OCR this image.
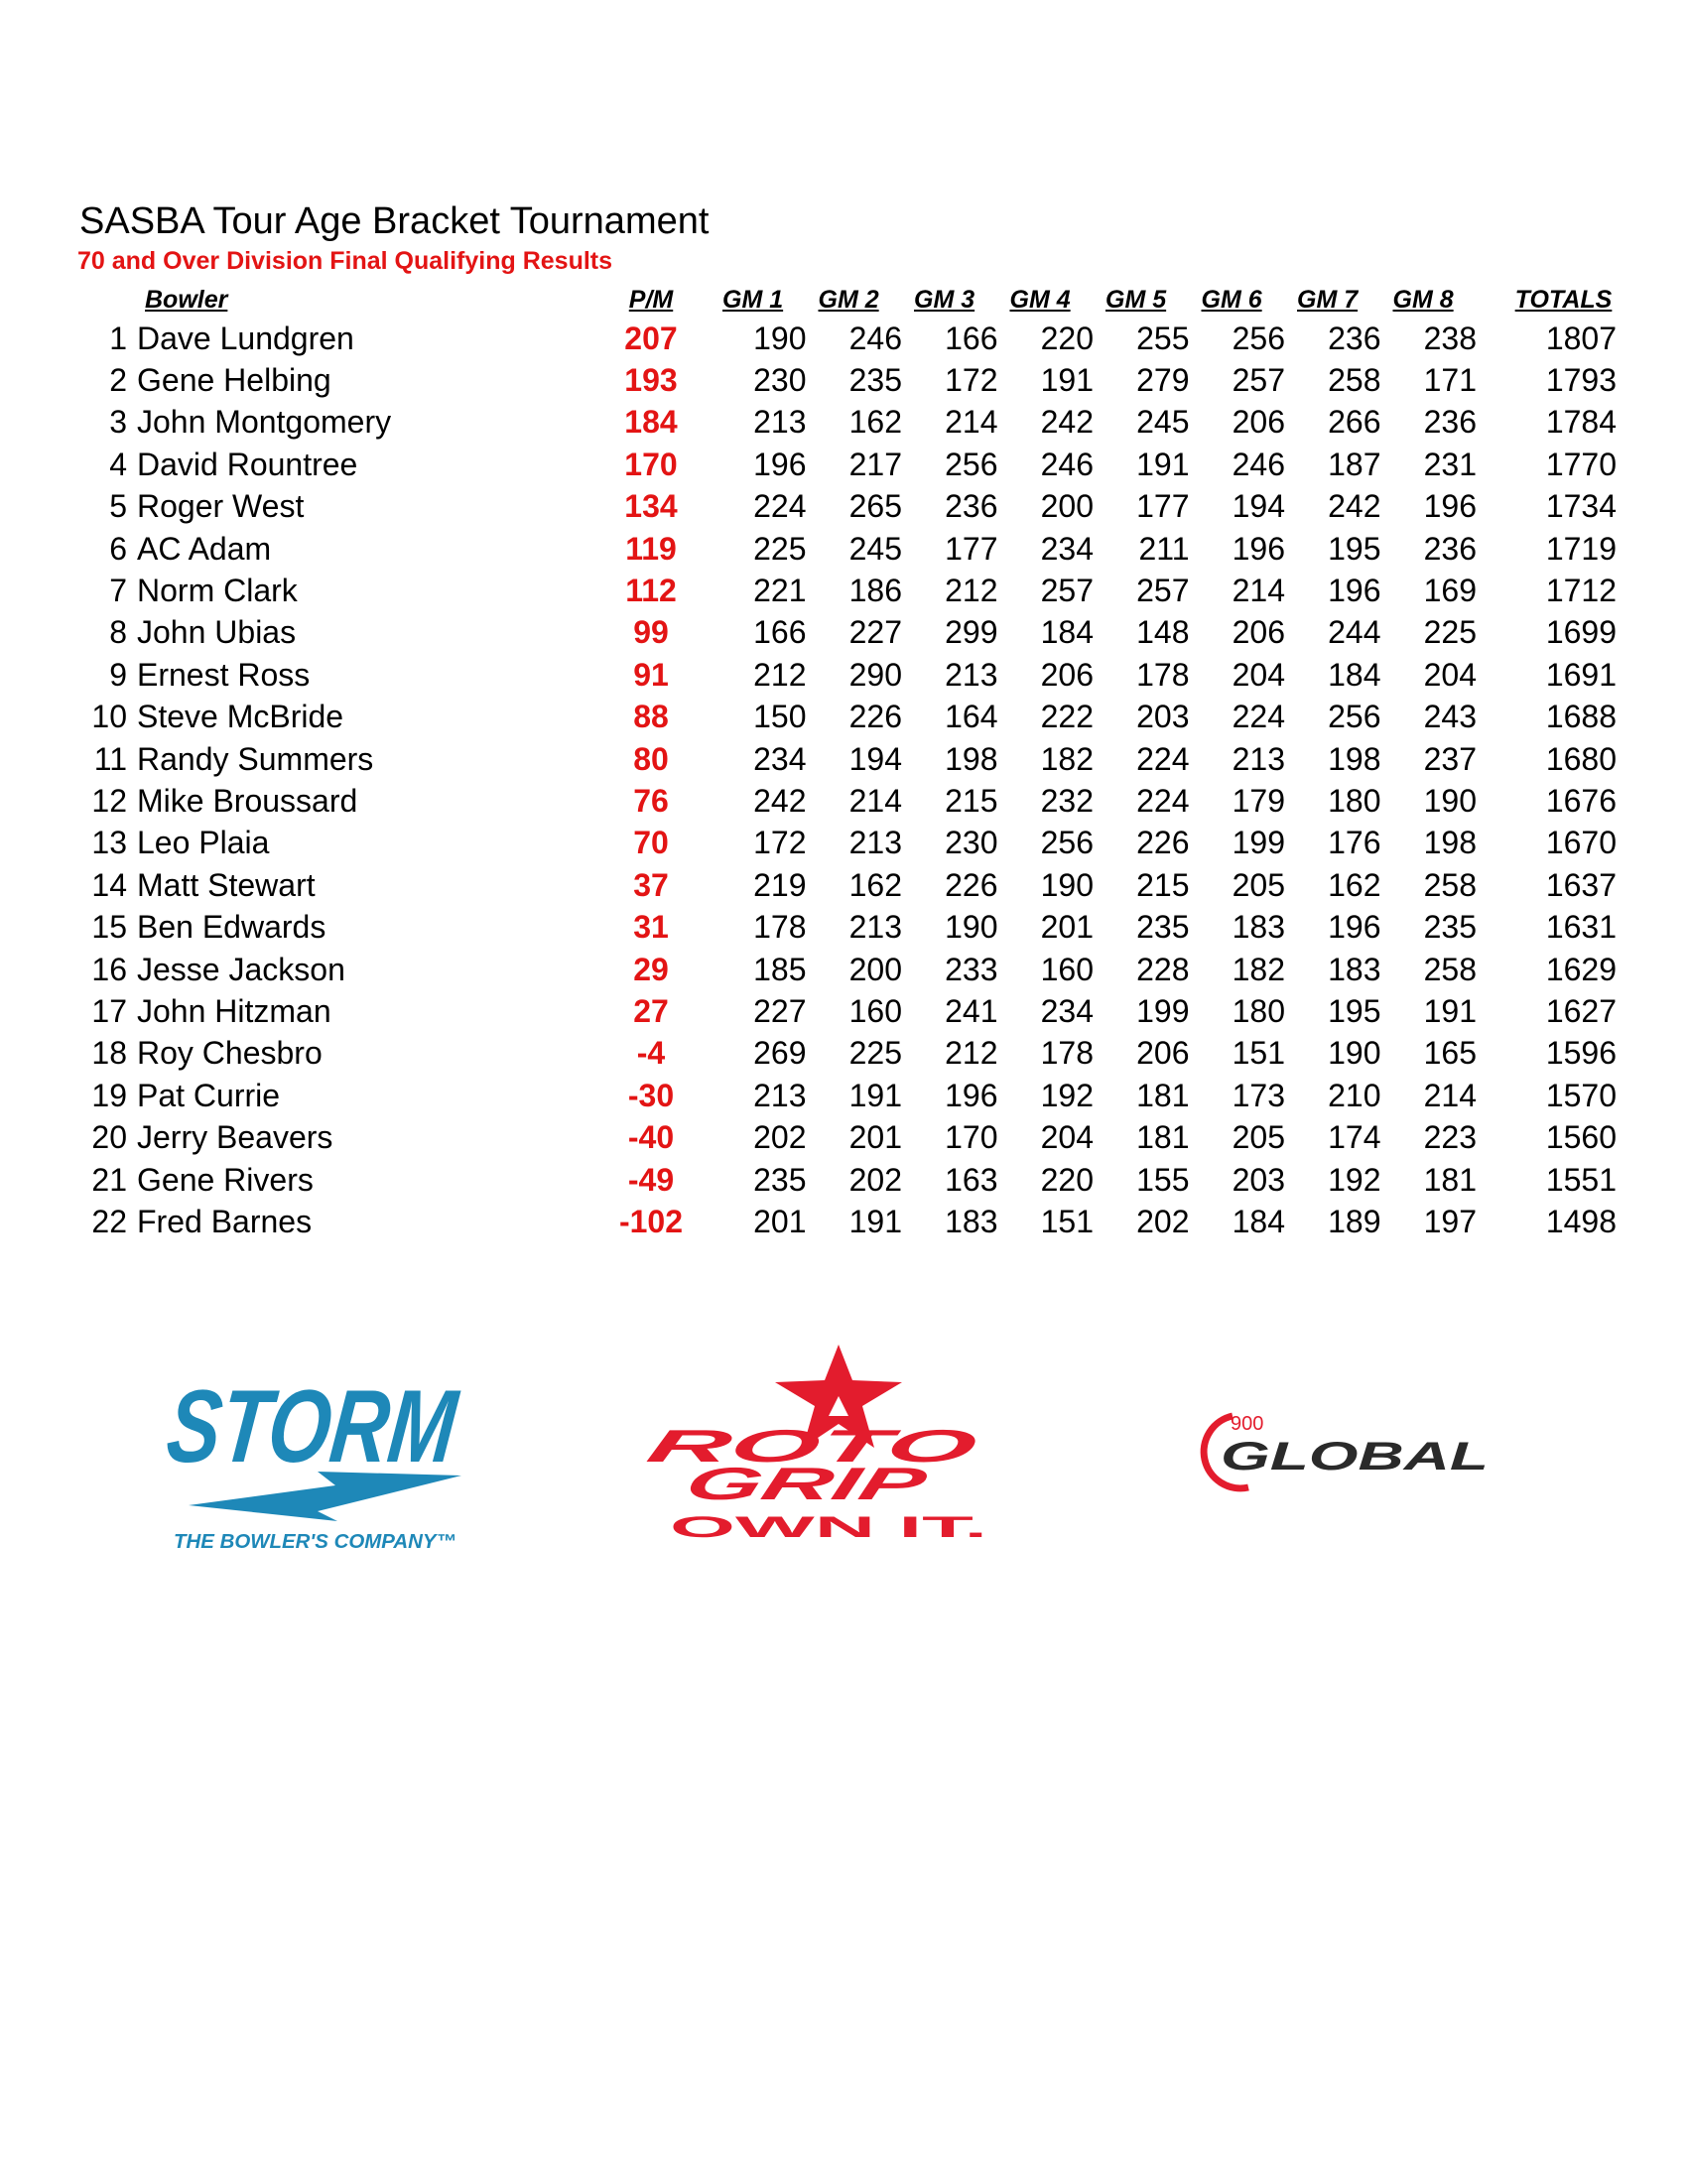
SASBA Tour Age Bracket Tournament
70 and Over Division Final Qualifying Results
	Bowler	P/M	GM 1	GM 2	GM 3	GM 4	GM 5	GM 6	GM 7	GM 8	TOTALS
1	Dave Lundgren	207	190	246	166	220	255	256	236	238	1807
2	Gene Helbing	193	230	235	172	191	279	257	258	171	1793
3	John Montgomery	184	213	162	214	242	245	206	266	236	1784
4	David Rountree	170	196	217	256	246	191	246	187	231	1770
5	Roger West	134	224	265	236	200	177	194	242	196	1734
6	AC Adam	119	225	245	177	234	211	196	195	236	1719
7	Norm Clark	112	221	186	212	257	257	214	196	169	1712
8	John Ubias	99	166	227	299	184	148	206	244	225	1699
9	Ernest Ross	91	212	290	213	206	178	204	184	204	1691
10	Steve McBride	88	150	226	164	222	203	224	256	243	1688
11	Randy Summers	80	234	194	198	182	224	213	198	237	1680
12	Mike Broussard	76	242	214	215	232	224	179	180	190	1676
13	Leo Plaia	70	172	213	230	256	226	199	176	198	1670
14	Matt Stewart	37	219	162	226	190	215	205	162	258	1637
15	Ben Edwards	31	178	213	190	201	235	183	196	235	1631
16	Jesse Jackson	29	185	200	233	160	228	182	183	258	1629
17	John Hitzman	27	227	160	241	234	199	180	195	191	1627
18	Roy Chesbro	-4	269	225	212	178	206	151	190	165	1596
19	Pat Currie	-30	213	191	196	192	181	173	210	214	1570
20	Jerry Beavers	-40	202	201	170	204	181	205	174	223	1560
21	Gene Rivers	-49	235	202	163	220	155	203	192	181	1551
22	Fred Barnes	-102	201	191	183	151	202	184	189	197	1498
STORM
THE BOWLER'S COMPANY™
ROTO
GRIP
OWN IT.
900
GLOBAL
